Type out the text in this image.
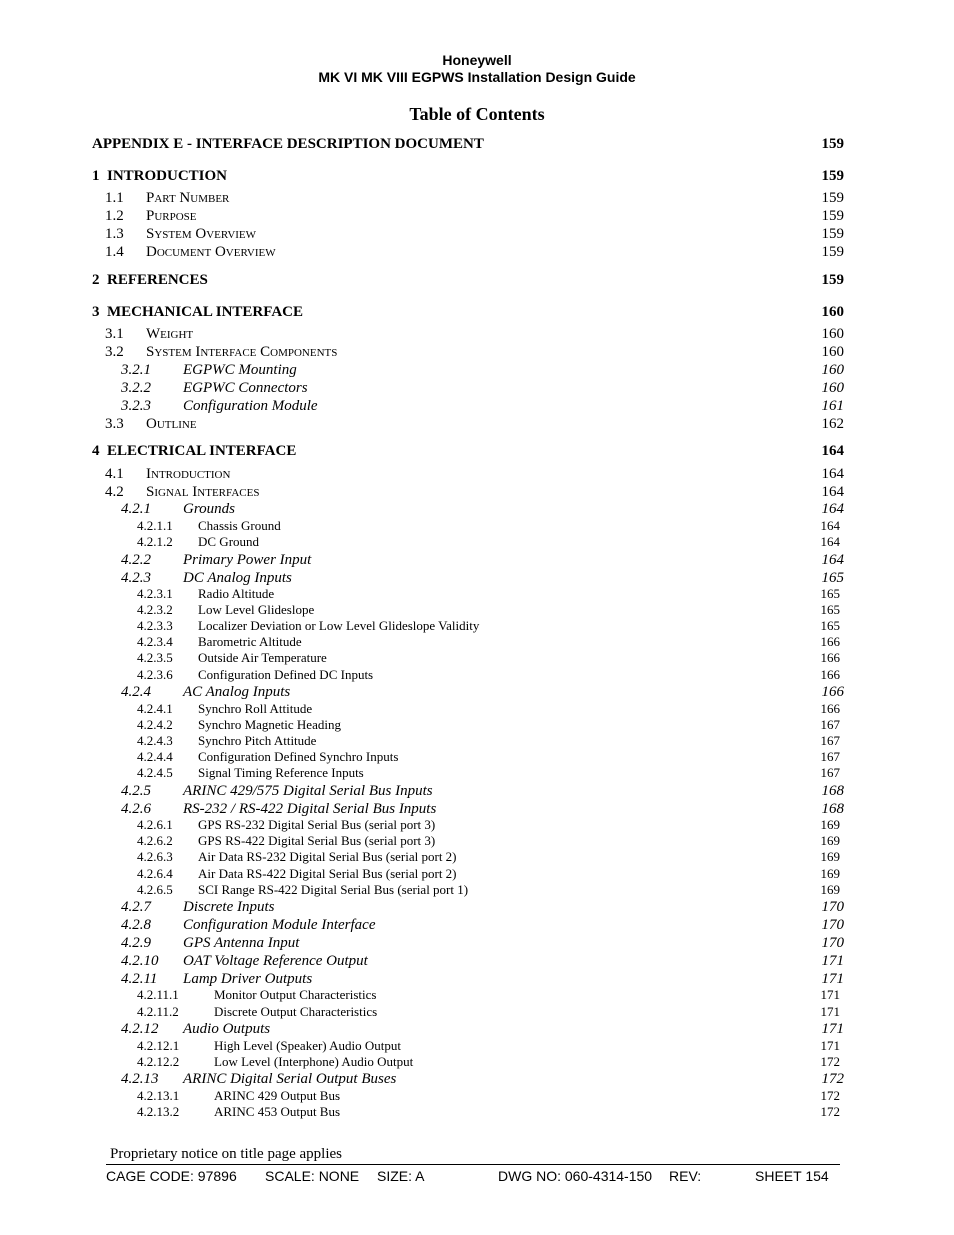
Honeywell
MK VI MK VIII EGPWS Installation Design Guide
Table of Contents
APPENDIX E - INTERFACE DESCRIPTION DOCUMENT	159
1 INTRODUCTION	159
1.1 Part Number	159
1.2 Purpose	159
1.3 System Overview	159
1.4 Document Overview	159
2 REFERENCES	159
3 MECHANICAL INTERFACE	160
3.1 Weight	160
3.2 System Interface Components	160
3.2.1 EGPWC Mounting	160
3.2.2 EGPWC Connectors	160
3.2.3 Configuration Module	161
3.3 Outline	162
4 ELECTRICAL INTERFACE	164
4.1 Introduction	164
4.2 Signal Interfaces	164
4.2.1 Grounds	164
4.2.1.1 Chassis Ground	164
4.2.1.2 DC Ground	164
4.2.2 Primary Power Input	164
4.2.3 DC Analog Inputs	165
4.2.3.1 Radio Altitude	165
4.2.3.2 Low Level Glideslope	165
4.2.3.3 Localizer Deviation or Low Level Glideslope Validity	165
4.2.3.4 Barometric Altitude	166
4.2.3.5 Outside Air Temperature	166
4.2.3.6 Configuration Defined DC Inputs	166
4.2.4 AC Analog Inputs	166
4.2.4.1 Synchro Roll Attitude	166
4.2.4.2 Synchro Magnetic Heading	167
4.2.4.3 Synchro Pitch Attitude	167
4.2.4.4 Configuration Defined Synchro Inputs	167
4.2.4.5 Signal Timing Reference Inputs	167
4.2.5 ARINC 429/575 Digital Serial Bus Inputs	168
4.2.6 RS-232 / RS-422 Digital Serial Bus Inputs	168
4.2.6.1 GPS RS-232 Digital Serial Bus (serial port 3)	169
4.2.6.2 GPS RS-422 Digital Serial Bus (serial port 3)	169
4.2.6.3 Air Data RS-232 Digital Serial Bus (serial port 2)	169
4.2.6.4 Air Data RS-422 Digital Serial Bus (serial port 2)	169
4.2.6.5 SCI Range RS-422 Digital Serial Bus (serial port 1)	169
4.2.7 Discrete Inputs	170
4.2.8 Configuration Module Interface	170
4.2.9 GPS Antenna Input	170
4.2.10 OAT Voltage Reference Output	171
4.2.11 Lamp Driver Outputs	171
4.2.11.1	Monitor Output Characteristics	171
4.2.11.2	Discrete Output Characteristics	171
4.2.12 Audio Outputs	171
4.2.12.1	High Level (Speaker) Audio Output	171
4.2.12.2	Low Level (Interphone) Audio Output	172
4.2.13 ARINC Digital Serial Output Buses	172
4.2.13.1	ARINC 429 Output Bus	172
4.2.13.2	ARINC 453 Output Bus	172
Proprietary notice on title page applies
CAGE CODE: 97896 SCALE: NONE SIZE: A	DWG NO: 060-4314-150 REV:	SHEET 154
